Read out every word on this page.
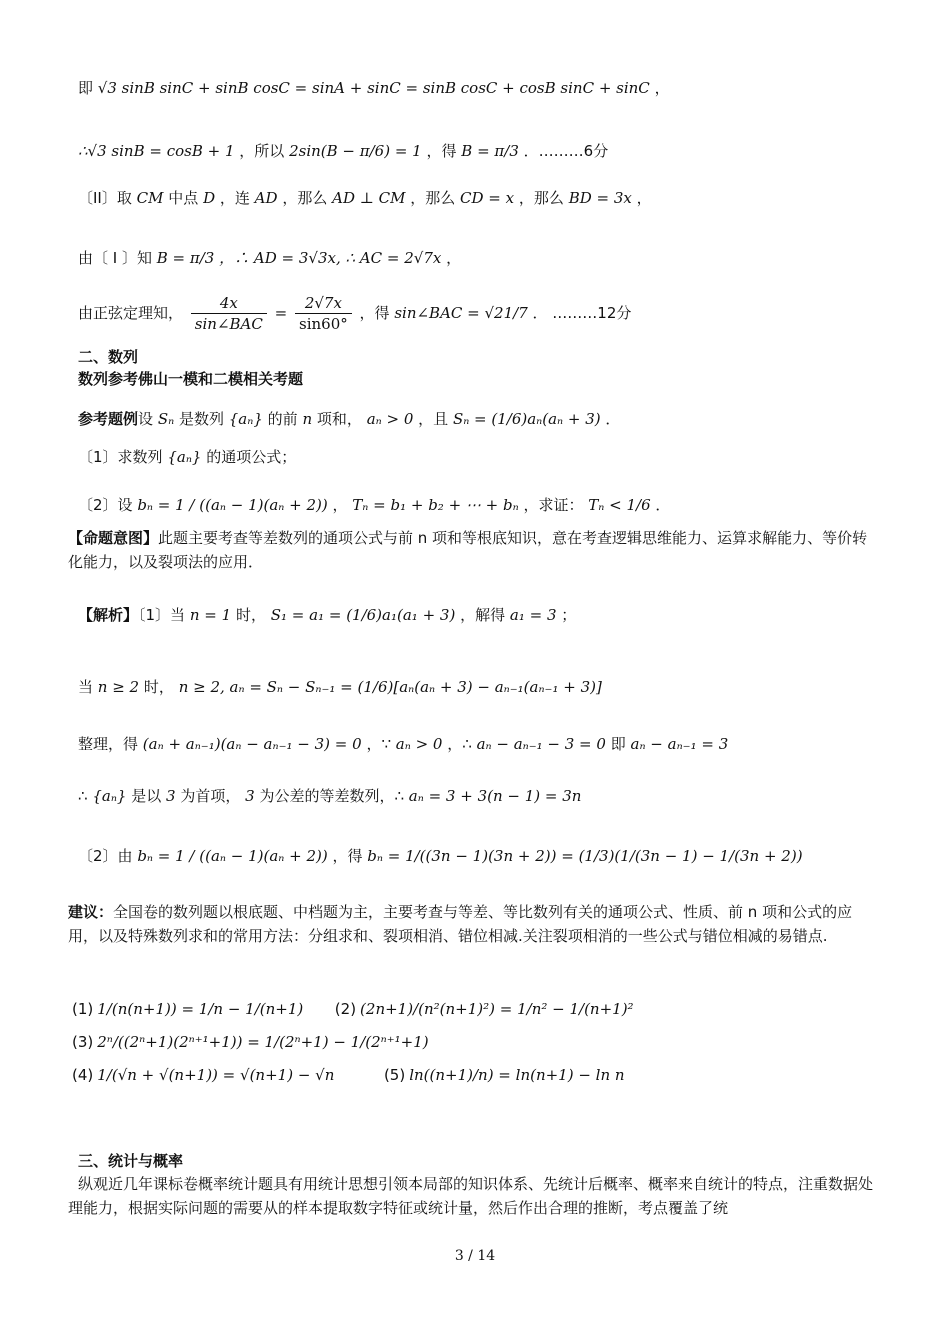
即 √3 sinB sinC + sinB cosC = sinA + sinC = sinB cosC + cosB sinC + sinC ，
∴√3 sinB = cosB + 1 ，所以 2sin(B − π/6) = 1 ，得 B = π/3 ．………6分
〔II〕取 CM 中点 D ，连 AD ，那么 AD ⊥ CM ，那么 CD = x ，那么 BD = 3x ，
由〔 I 〕知 B = π/3 ，∴ AD = 3√3x, ∴ AC = 2√7x ，
由正弦定理知，
4x
sin∠BAC
= $\frac{2√7x}{\sin 60^\circ}$ ，得 sin∠BAC = √21/7 ． ………12分
二、数列
数列参考佛山一模和二模相关考题
参考题例设 Sₙ 是数列 {aₙ} 的前 n 项和， aₙ > 0 ，且 Sₙ = (1/6)aₙ(aₙ + 3) ．
〔1〕求数列 {aₙ} 的通项公式；
〔2〕设 bₙ = 1 / ((aₙ − 1)(aₙ + 2)) ， Tₙ = b₁ + b₂ + ⋯ + bₙ ，求证： Tₙ < 1/6 ．
【命题意图】此题主要考查等差数列的通项公式与前 n 项和等根底知识，意在考查逻辑思维能力、运算求解能力、等价转化能力，以及裂项法的应用．
【解析】〔1〕当 n = 1 时， S₁ = a₁ = (1/6)a₁(a₁ + 3) ，解得 a₁ = 3 ；
当 n ≥ 2 时， n ≥ 2, aₙ = Sₙ − Sₙ₋₁ = (1/6)[aₙ(aₙ + 3) − aₙ₋₁(aₙ₋₁ + 3)]
整理，得 (aₙ + aₙ₋₁)(aₙ − aₙ₋₁ − 3) = 0 ，∵ aₙ > 0 ，∴ aₙ − aₙ₋₁ − 3 = 0 即 aₙ − aₙ₋₁ = 3
∴ {aₙ} 是以 3 为首项， 3 为公差的等差数列，∴ aₙ = 3 + 3(n − 1) = 3n
〔2〕由 bₙ = 1 / ((aₙ − 1)(aₙ + 2)) ，得 bₙ = 1/((3n − 1)(3n + 2)) = (1/3)(1/(3n − 1) − 1/(3n + 2))
建议：全国卷的数列题以根底题、中档题为主，主要考查与等差、等比数列有关的通项公式、性质、前 n 项和公式的应用，以及特殊数列求和的常用方法：分组求和、裂项相消、错位相减.关注裂项相消的一些公式与错位相减的易错点.
(1) 1/(n(n+1)) = 1/n − 1/(n+1) (2) (2n+1)/(n²(n+1)²) = 1/n² − 1/(n+1)²
(3) 2ⁿ/((2ⁿ+1)(2ⁿ⁺¹+1)) = 1/(2ⁿ+1) − 1/(2ⁿ⁺¹+1)
(4) 1/(√n + √(n+1)) = √(n+1) − √n	(5) ln((n+1)/n) = ln(n+1) − ln n
三、统计与概率
纵观近几年课标卷概率统计题具有用统计思想引领本局部的知识体系、先统计后概率、概率来自统计的特点，注重数据处理能力，根据实际问题的需要从的样本提取数字特征或统计量，然后作出合理的推断，考点覆盖了统
3 / 14
